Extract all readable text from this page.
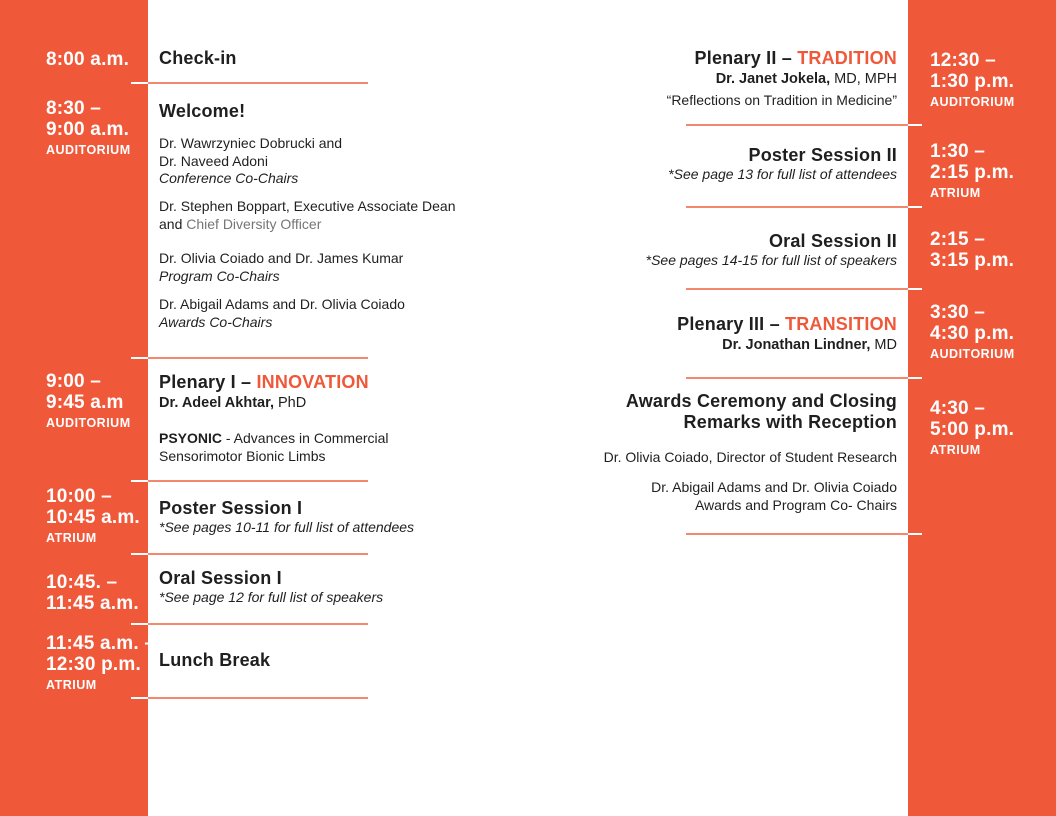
8:00 a.m.
8:30 –
9:00 a.m.
AUDITORIUM
9:00 –
9:45 a.m
AUDITORIUM
10:00 –
10:45 a.m.
ATRIUM
10:45. –
11:45 a.m.
11:45 a.m. –
12:30 p.m.
ATRIUM
12:30 –
1:30 p.m.
AUDITORIUM
1:30 –
2:15 p.m.
ATRIUM
2:15 –
3:15 p.m.
3:30 –
4:30 p.m.
AUDITORIUM
4:30 –
5:00 p.m.
ATRIUM
Check-in
Welcome!
Dr. Wawrzyniec Dobrucki and
Dr. Naveed Adoni
Conference Co-Chairs
Dr. Stephen Boppart, Executive Associate Dean
and Chief Diversity Officer
Dr. Olivia Coiado and Dr. James Kumar
Program Co-Chairs
Dr. Abigail Adams and Dr. Olivia Coiado
Awards Co-Chairs
Plenary I – INNOVATION
Dr. Adeel Akhtar, PhD
PSYONIC - Advances in Commercial
Sensorimotor Bionic Limbs
Poster Session I
*See pages 10-11 for full list of attendees
Oral Session I
*See page 12 for full list of speakers
Lunch Break
Plenary II – TRADITION
Dr. Janet Jokela, MD, MPH
“Reflections on Tradition in Medicine”
Poster Session II
*See page 13 for full list of attendees
Oral Session II
*See pages 14-15 for full list of speakers
Plenary III – TRANSITION
Dr. Jonathan Lindner, MD
Awards Ceremony and Closing
Remarks with Reception
Dr. Olivia Coiado, Director of Student Research
Dr. Abigail Adams and Dr. Olivia Coiado
Awards and Program Co- Chairs
